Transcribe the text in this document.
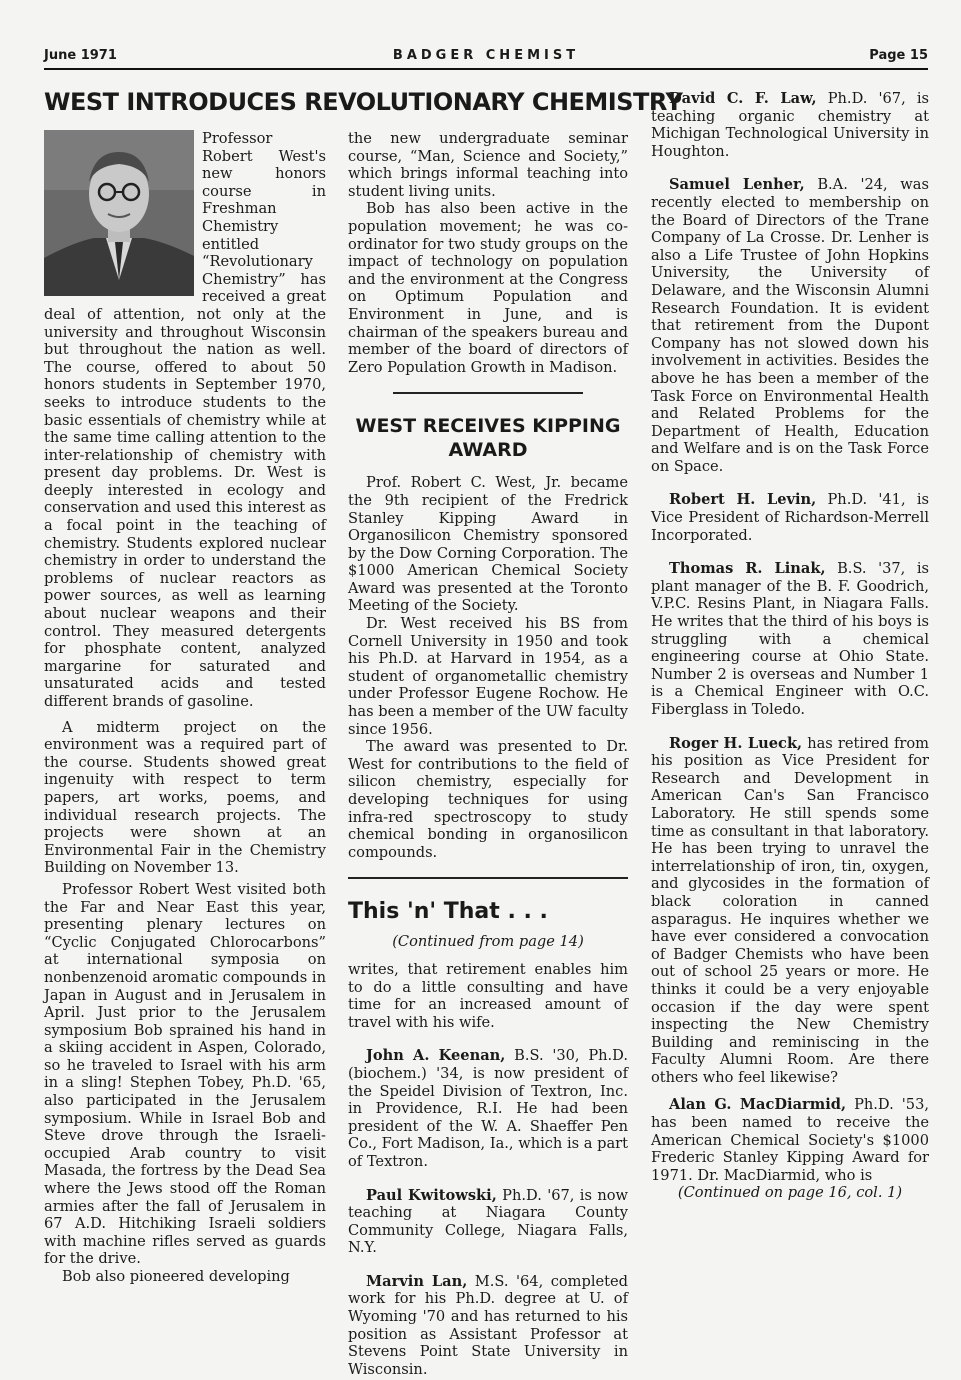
June 1971	BADGER CHEMIST	Page 15
WEST INTRODUCES REVOLUTIONARY CHEMISTRY

Professor Robert West's new honors course in Freshman Chemistry entitled “Revolutionary Chemistry” has received a great deal of attention, not only at the university and throughout Wisconsin but throughout the nation as well. The course, offered to about 50 honors students in September 1970, seeks to introduce students to the basic essentials of chemistry while at the same time calling attention to the inter-relationship of chemistry with present day problems. Dr. West is deeply interested in ecology and conservation and used this interest as a focal point in the teaching of chemistry. Students explored nuclear chemistry in order to understand the problems of nuclear reactors as power sources, as well as learning about nuclear weapons and their control. They measured detergents for phosphate content, analyzed margarine for saturated and unsaturated acids and tested different brands of gasoline.

A midterm project on the environment was a required part of the course. Students showed great ingenuity with respect to term papers, art works, poems, and individual research projects. The projects were shown at an Environmental Fair in the Chemistry Building on November 13.

Professor Robert West visited both the Far and Near East this year, presenting plenary lectures on “Cyclic Conjugated Chlorocarbons” at international symposia on nonbenzenoid aromatic compounds in Japan in August and in Jerusalem in April. Just prior to the Jerusalem symposium Bob sprained his hand in a skiing accident in Aspen, Colorado, so he traveled to Israel with his arm in a sling! Stephen Tobey, Ph.D. '65, also participated in the Jerusalem symposium. While in Israel Bob and Steve drove through the Israeli-occupied Arab country to visit Masada, the fortress by the Dead Sea where the Jews stood off the Roman armies after the fall of Jerusalem in 67 A.D. Hitchiking Israeli soldiers with machine rifles served as guards for the drive.

Bob also pioneered developing

the new undergraduate seminar course, “Man, Science and Society,” which brings informal teaching into student living units.

Bob has also been active in the population movement; he was co-ordinator for two study groups on the impact of technology on population and the environment at the Congress on Optimum Population and Environment in June, and is chairman of the speakers bureau and member of the board of directors of Zero Population Growth in Madison.

WEST RECEIVES KIPPING AWARD

Prof. Robert C. West, Jr. became the 9th recipient of the Fredrick Stanley Kipping Award in Organosilicon Chemistry sponsored by the Dow Corning Corporation. The $1000 American Chemical Society Award was presented at the Toronto Meeting of the Society.

Dr. West received his BS from Cornell University in 1950 and took his Ph.D. at Harvard in 1954, as a student of organometallic chemistry under Professor Eugene Rochow. He has been a member of the UW faculty since 1956.

The award was presented to Dr. West for contributions to the field of silicon chemistry, especially for developing techniques for using infra-red spectroscopy to study chemical bonding in organosilicon compounds.

This 'n' That . . .
(Continued from page 14)

writes, that retirement enables him to do a little consulting and have time for an increased amount of travel with his wife.

John A. Keenan, B.S. '30, Ph.D. (biochem.) '34, is now president of the Speidel Division of Textron, Inc. in Providence, R.I. He had been president of the W. A. Shaeffer Pen Co., Fort Madison, Ia., which is a part of Textron.

Paul Kwitowski, Ph.D. '67, is now teaching at Niagara County Community College, Niagara Falls, N.Y.

Marvin Lan, M.S. '64, completed work for his Ph.D. degree at U. of Wyoming '70 and has returned to his position as Assistant Professor at Stevens Point State University in Wisconsin.

David C. F. Law, Ph.D. '67, is teaching organic chemistry at Michigan Technological University in Houghton.

Samuel Lenher, B.A. '24, was recently elected to membership on the Board of Directors of the Trane Company of La Crosse. Dr. Lenher is also a Life Trustee of John Hopkins University, the University of Delaware, and the Wisconsin Alumni Research Foundation. It is evident that retirement from the Dupont Company has not slowed down his involvement in activities. Besides the above he has been a member of the Task Force on Environmental Health and Related Problems for the Department of Health, Education and Welfare and is on the Task Force on Space.

Robert H. Levin, Ph.D. '41, is Vice President of Richardson-Merrell Incorporated.

Thomas R. Linak, B.S. '37, is plant manager of the B. F. Goodrich, V.P.C. Resins Plant, in Niagara Falls. He writes that the third of his boys is struggling with a chemical engineering course at Ohio State. Number 2 is overseas and Number 1 is a Chemical Engineer with O.C. Fiberglass in Toledo.

Roger H. Lueck, has retired from his position as Vice President for Research and Development in American Can's San Francisco Laboratory. He still spends some time as consultant in that laboratory. He has been trying to unravel the interrelationship of iron, tin, oxygen, and glycosides in the formation of black coloration in canned asparagus. He inquires whether we have ever considered a convocation of Badger Chemists who have been out of school 25 years or more. He thinks it could be a very enjoyable occasion if the day were spent inspecting the New Chemistry Building and reminiscing in the Faculty Alumni Room. Are there others who feel likewise?

Alan G. MacDiarmid, Ph.D. '53, has been named to receive the American Chemical Society's $1000 Frederic Stanley Kipping Award for 1971. Dr. MacDiarmid, who is

(Continued on page 16, col. 1)
